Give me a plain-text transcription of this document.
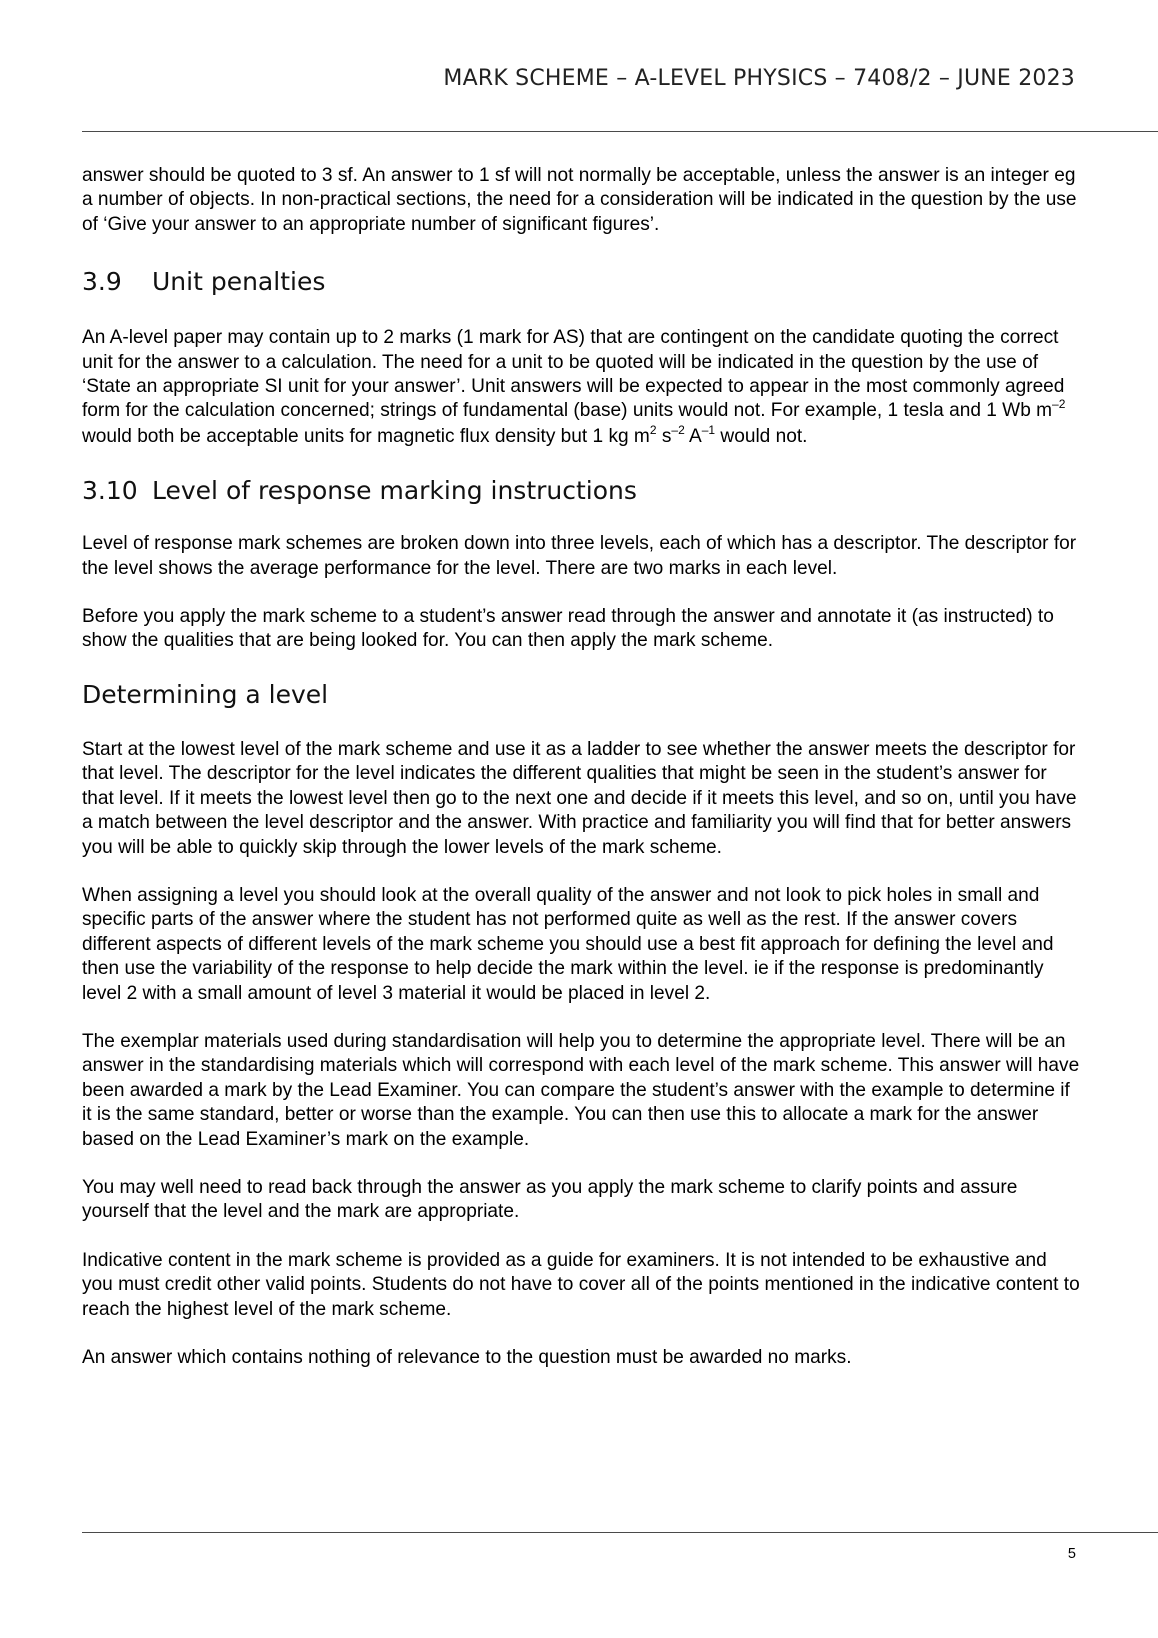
MARK SCHEME – A-LEVEL PHYSICS – 7408/2 – JUNE 2023

answer should be quoted to 3 sf. An answer to 1 sf will not normally be acceptable, unless the answer is an integer eg a number of objects. In non-practical sections, the need for a consideration will be indicated in the question by the use of ‘Give your answer to an appropriate number of significant figures’.

3.9 Unit penalties

An A-level paper may contain up to 2 marks (1 mark for AS) that are contingent on the candidate quoting the correct unit for the answer to a calculation. The need for a unit to be quoted will be indicated in the question by the use of ‘State an appropriate SI unit for your answer’. Unit answers will be expected to appear in the most commonly agreed form for the calculation concerned; strings of fundamental (base) units would not. For example, 1 tesla and 1 Wb $m^{-2}$ would both be acceptable units for magnetic flux density but 1 kg $m^2$ $s^{-2}$ $A^{-1}$ would not.

3.10 Level of response marking instructions

Level of response mark schemes are broken down into three levels, each of which has a descriptor. The descriptor for the level shows the average performance for the level. There are two marks in each level.

Before you apply the mark scheme to a student’s answer read through the answer and annotate it (as instructed) to show the qualities that are being looked for. You can then apply the mark scheme.

Determining a level

Start at the lowest level of the mark scheme and use it as a ladder to see whether the answer meets the descriptor for that level. The descriptor for the level indicates the different qualities that might be seen in the student’s answer for that level. If it meets the lowest level then go to the next one and decide if it meets this level, and so on, until you have a match between the level descriptor and the answer. With practice and familiarity you will find that for better answers you will be able to quickly skip through the lower levels of the mark scheme.

When assigning a level you should look at the overall quality of the answer and not look to pick holes in small and specific parts of the answer where the student has not performed quite as well as the rest. If the answer covers different aspects of different levels of the mark scheme you should use a best fit approach for defining the level and then use the variability of the response to help decide the mark within the level. ie if the response is predominantly level 2 with a small amount of level 3 material it would be placed in level 2.

The exemplar materials used during standardisation will help you to determine the appropriate level. There will be an answer in the standardising materials which will correspond with each level of the mark scheme. This answer will have been awarded a mark by the Lead Examiner. You can compare the student’s answer with the example to determine if it is the same standard, better or worse than the example. You can then use this to allocate a mark for the answer based on the Lead Examiner’s mark on the example.

You may well need to read back through the answer as you apply the mark scheme to clarify points and assure yourself that the level and the mark are appropriate.

Indicative content in the mark scheme is provided as a guide for examiners. It is not intended to be exhaustive and you must credit other valid points. Students do not have to cover all of the points mentioned in the indicative content to reach the highest level of the mark scheme.

An answer which contains nothing of relevance to the question must be awarded no marks.

5
